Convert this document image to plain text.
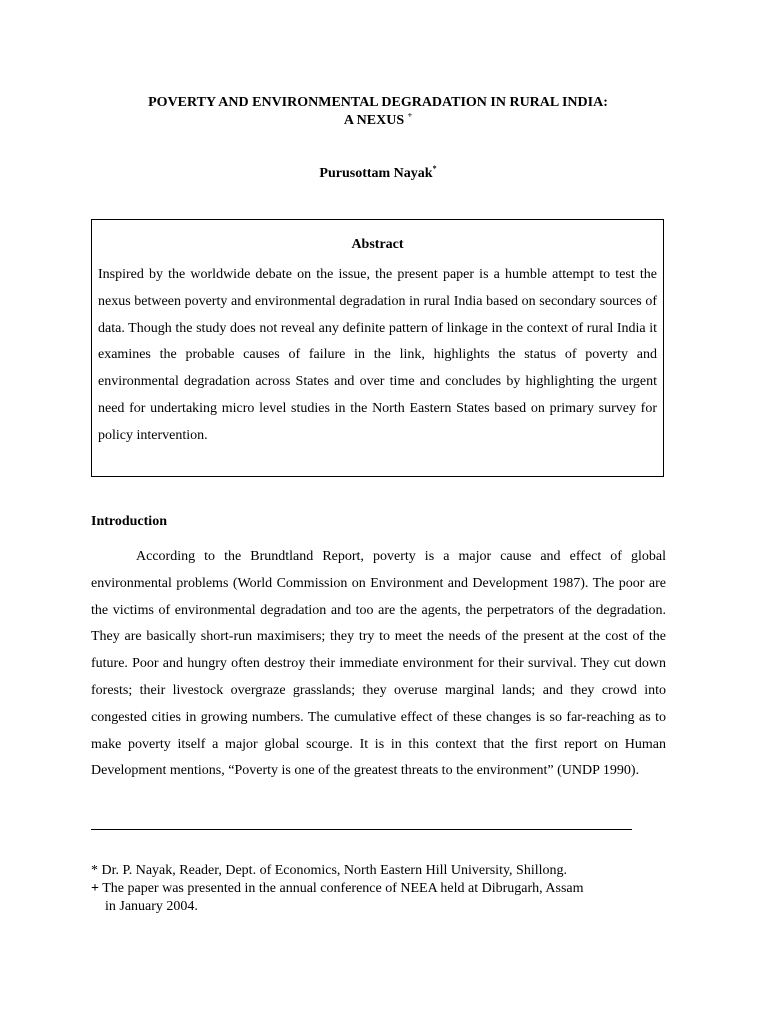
POVERTY AND ENVIRONMENTAL DEGRADATION IN RURAL INDIA:
A NEXUS +
Purusottam Nayak*

Abstract

Inspired by the worldwide debate on the issue, the present paper is a humble attempt to test the nexus between poverty and environmental degradation in rural India based on secondary sources of data. Though the study does not reveal any definite pattern of linkage in the context of rural India it examines the probable causes of failure in the link, highlights the status of poverty and environmental degradation across States and over time and concludes by highlighting the urgent need for undertaking micro level studies in the North Eastern States based on primary survey for policy intervention.

Introduction

According to the Brundtland Report, poverty is a major cause and effect of global environmental problems (World Commission on Environment and Development 1987). The poor are the victims of environmental degradation and too are the agents, the perpetrators of the degradation. They are basically short-run maximisers; they try to meet the needs of the present at the cost of the future. Poor and hungry often destroy their immediate environment for their survival. They cut down forests; their livestock overgraze grasslands; they overuse marginal lands; and they crowd into congested cities in growing numbers. The cumulative effect of these changes is so far-reaching as to make poverty itself a major global scourge. It is in this context that the first report on Human Development mentions, “Poverty is one of the greatest threats to the environment” (UNDP 1990).

* Dr. P. Nayak, Reader, Dept. of Economics, North Eastern Hill University, Shillong.

+ The paper was presented in the annual conference of NEEA held at Dibrugarh, Assam

in January 2004.
